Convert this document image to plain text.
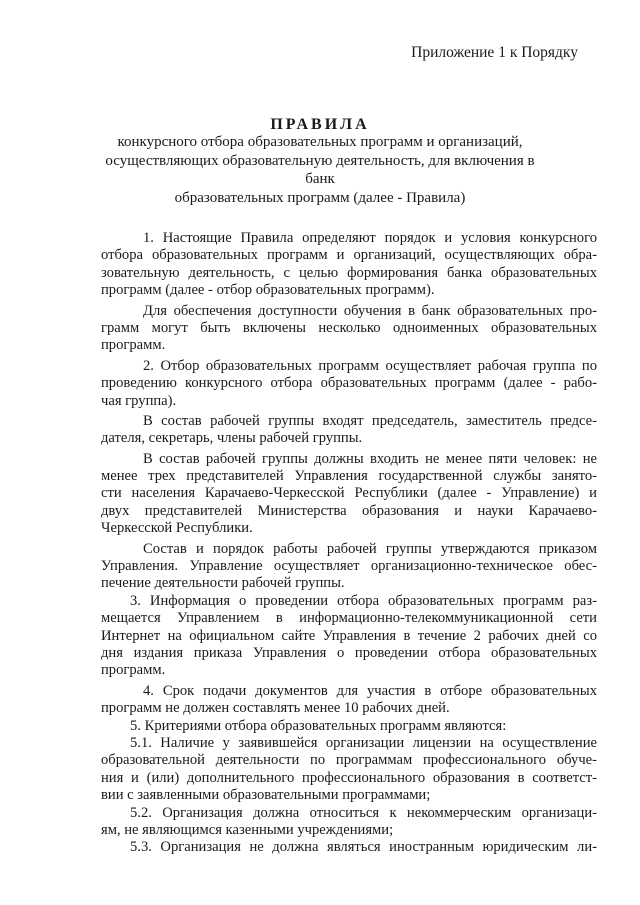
Приложение 1 к Порядку
ПРАВИЛА
конкурсного отбора образовательных программ и организаций,
осуществляющих образовательную деятельность, для включения в банк
образовательных программ (далее - Правила)
1. Настоящие Правила определяют порядок и условия конкурсного
отбора образовательных программ и организаций, осуществляющих обра-
зовательную деятельность, с целью формирования банка образовательных
программ (далее - отбор образовательных программ).
Для обеспечения доступности обучения в банк образовательных про-
грамм могут быть включены несколько одноименных образовательных
программ.
2. Отбор образовательных программ осуществляет рабочая группа по
проведению конкурсного отбора образовательных программ (далее - рабо-
чая группа).
В состав рабочей группы входят председатель, заместитель предсе-
дателя, секретарь, члены рабочей группы.
В состав рабочей группы должны входить не менее пяти человек: не
менее трех представителей Управления государственной службы занято-
сти населения Карачаево-Черкесской Республики (далее - Управление) и
двух представителей Министерства образования и науки Карачаево-
Черкесской Республики.
Состав и порядок работы рабочей группы утверждаются приказом
Управления. Управление осуществляет организационно-техническое обес-
печение деятельности рабочей группы.
3. Информация о проведении отбора образовательных программ раз-
мещается Управлением в информационно-телекоммуникационной сети
Интернет на официальном сайте Управления в течение 2 рабочих дней со
дня издания приказа Управления о проведении отбора образовательных
программ.
4. Срок подачи документов для участия в отборе образовательных
программ не должен составлять менее 10 рабочих дней.
5. Критериями отбора образовательных программ являются:
5.1. Наличие у заявившейся организации лицензии на осуществление
образовательной деятельности по программам профессионального обуче-
ния и (или) дополнительного профессионального образования в соответст-
вии с заявленными образовательными программами;
5.2. Организация должна относиться к некоммерческим организаци-
ям, не являющимся казенными учреждениями;
5.3. Организация не должна являться иностранным юридическим ли-
